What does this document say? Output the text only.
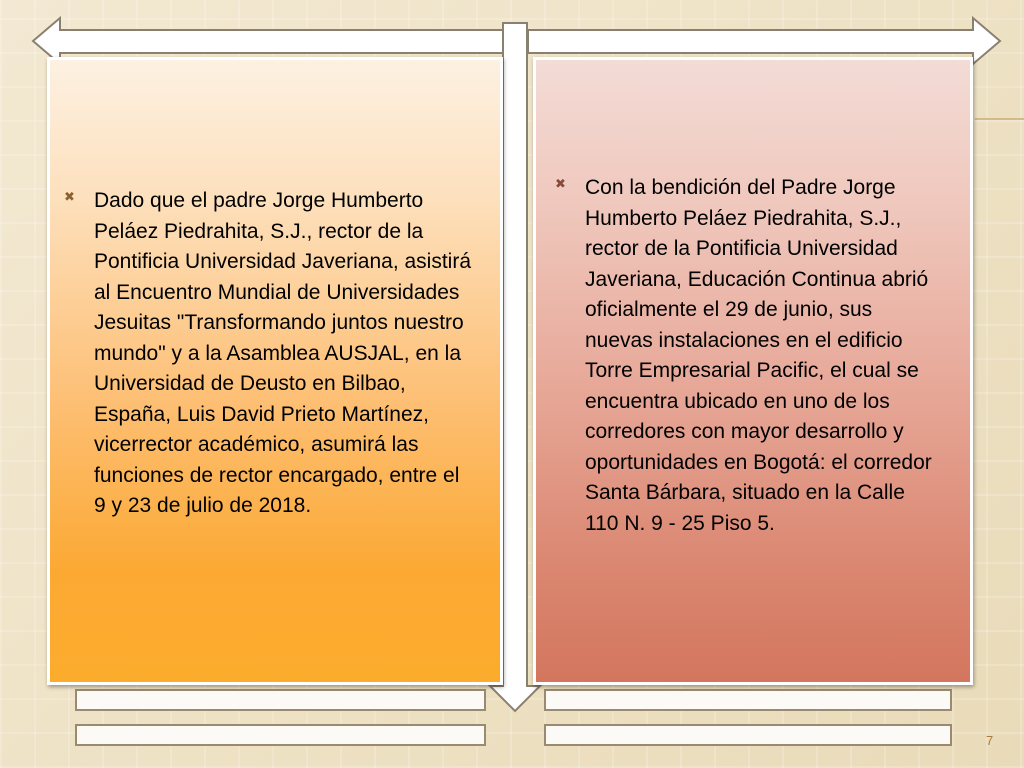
✖ Dado que el padre Jorge Humberto Peláez Piedrahita, S.J., rector de la Pontificia Universidad Javeriana, asistirá al Encuentro Mundial de Universidades Jesuitas "Transformando juntos nuestro mundo" y a la Asamblea AUSJAL, en la Universidad de Deusto en Bilbao, España, Luis David Prieto Martínez, vicerrector académico, asumirá las funciones de rector encargado, entre el 9 y 23 de julio de 2018.

✖ Con la bendición del Padre Jorge Humberto Peláez Piedrahita, S.J., rector de la Pontificia Universidad Javeriana, Educación Continua abrió oficialmente el 29 de junio, sus nuevas instalaciones en el edificio Torre Empresarial Pacific, el cual se encuentra ubicado en uno de los corredores con mayor desarrollo y oportunidades en Bogotá: el corredor Santa Bárbara, situado en la Calle 110 N. 9 - 25 Piso 5.

7
